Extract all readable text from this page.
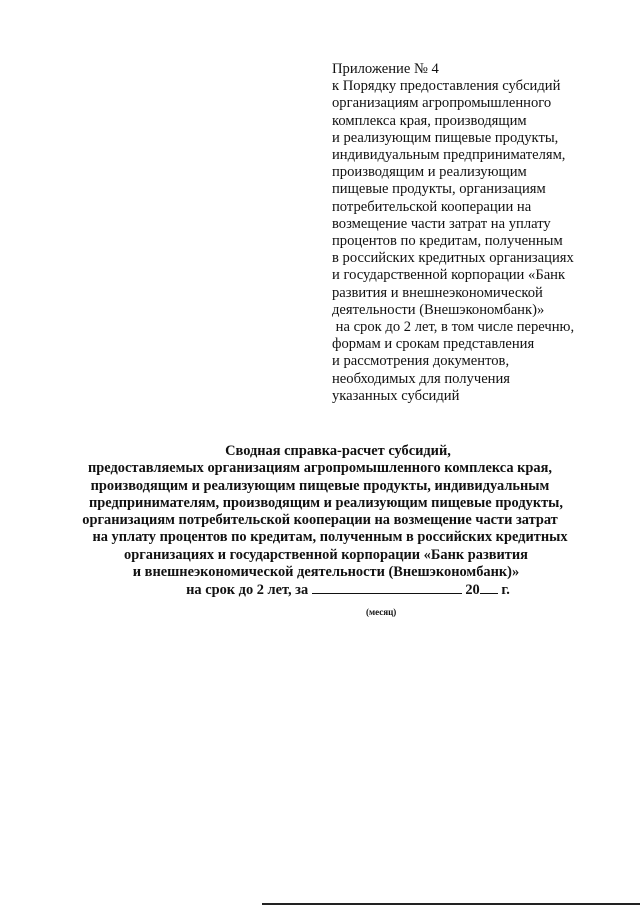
Приложение № 4
к Порядку предоставления субсидий
организациям агропромышленного
комплекса края, производящим
и реализующим пищевые продукты,
индивидуальным предпринимателям,
производящим и реализующим
пищевые продукты, организациям
потребительской кооперации на
возмещение части затрат на уплату
процентов по кредитам, полученным
в российских кредитных организациях
и государственной корпорации «Банк
развития и внешнеэкономической
деятельности (Внешэкономбанк)»
на срок до 2 лет, в том числе перечню,
формам и срокам представления
и рассмотрения документов,
необходимых для получения
указанных субсидий
Сводная справка-расчет субсидий,
предоставляемых организациям агропромышленного комплекса края,
производящим и реализующим пищевые продукты, индивидуальным
предпринимателям, производящим и реализующим пищевые продукты,
организациям потребительской кооперации на возмещение части затрат
на уплату процентов по кредитам, полученным в российских кредитных
организациях и государственной корпорации «Банк развития
и внешнеэкономической деятельности (Внешэкономбанк)»
на срок до 2 лет, за	20 г.
(месяц)
